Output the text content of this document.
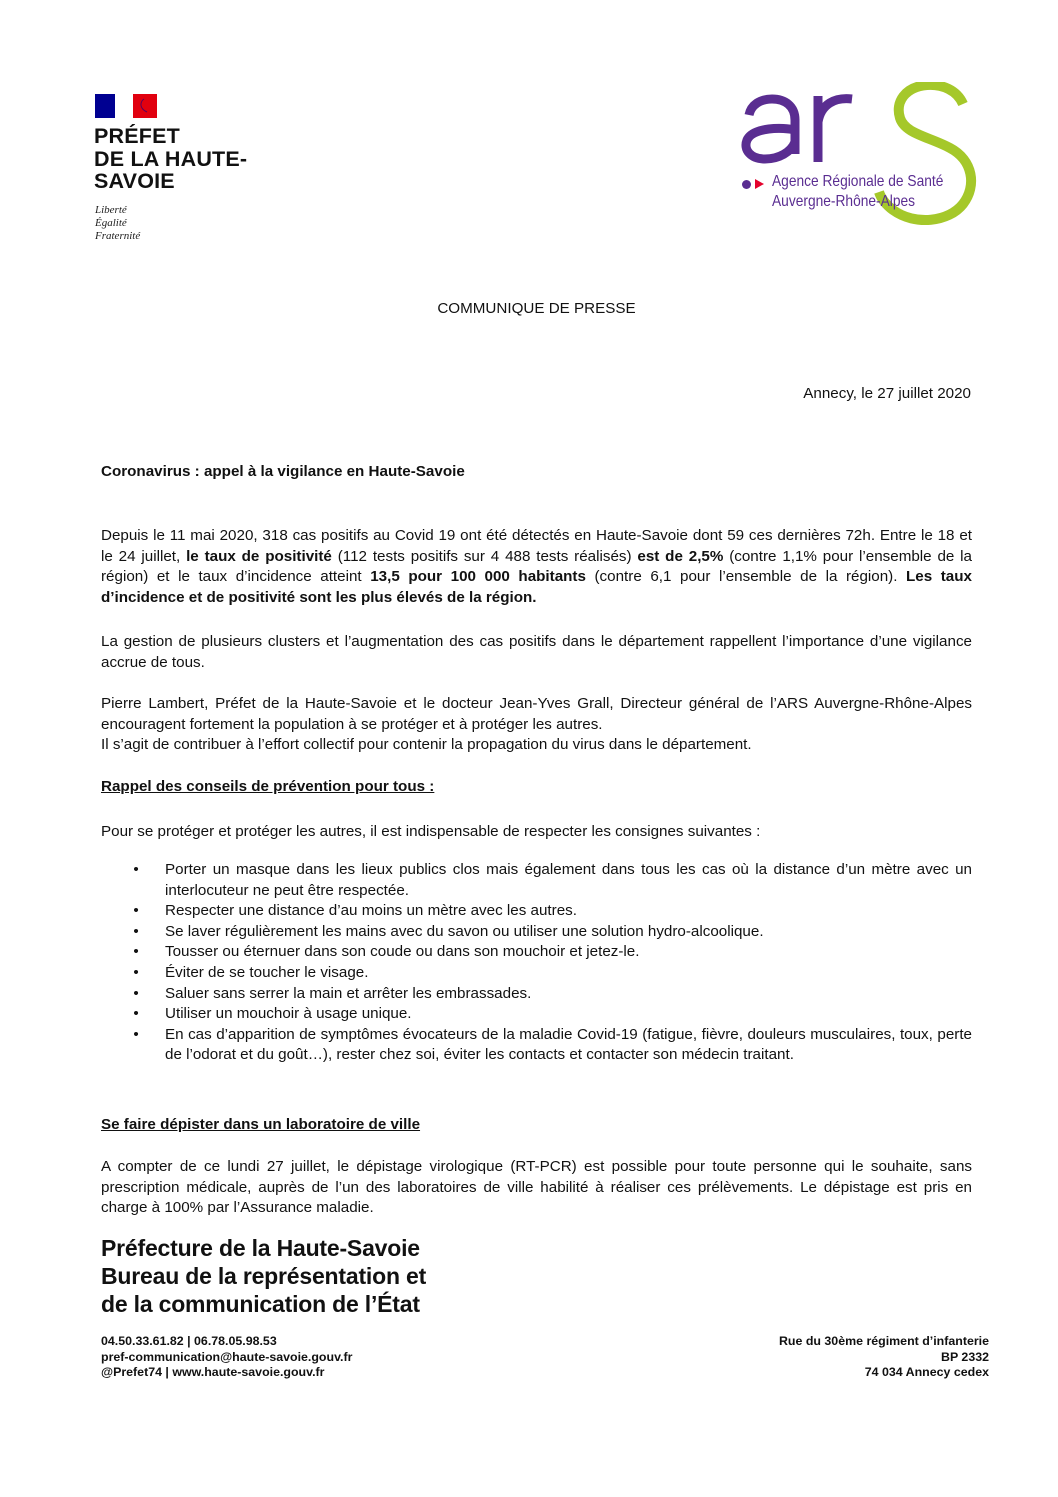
PRÉFET
DE LA HAUTE-
SAVOIE
Liberté
Égalité
Fraternité
Agence Régionale de Santé
Auvergne-Rhône-Alpes
COMMUNIQUE DE PRESSE
Annecy, le 27 juillet 2020
Coronavirus : appel à la vigilance en Haute-Savoie
Depuis le 11 mai 2020, 318 cas positifs au Covid 19 ont été détectés en Haute-Savoie dont 59 ces dernières 72h. Entre le 18 et le 24 juillet, le taux de positivité (112 tests positifs sur 4 488 tests réalisés) est de 2,5% (contre 1,1% pour l’ensemble de la région) et le taux d’incidence atteint 13,5 pour 100 000 habitants (contre 6,1 pour l’ensemble de la région). Les taux d’incidence et de positivité sont les plus élevés de la région.
La gestion de plusieurs clusters et l’augmentation des cas positifs dans le département rappellent l’importance d’une vigilance accrue de tous.
Pierre Lambert, Préfet de la Haute-Savoie et le docteur Jean-Yves Grall, Directeur général de l’ARS Auvergne-Rhône-Alpes encouragent fortement la population à se protéger et à protéger les autres.
Il s’agit de contribuer à l’effort collectif pour contenir la propagation du virus dans le département.
Rappel des conseils de prévention pour tous :
Pour se protéger et protéger les autres, il est indispensable de respecter les consignes suivantes :
• Porter un masque dans les lieux publics clos mais également dans tous les cas où la distance d’un mètre avec un interlocuteur ne peut être respectée.
• Respecter une distance d’au moins un mètre avec les autres.
• Se laver régulièrement les mains avec du savon ou utiliser une solution hydro-alcoolique.
• Tousser ou éternuer dans son coude ou dans son mouchoir et jetez-le.
• Éviter de se toucher le visage.
• Saluer sans serrer la main et arrêter les embrassades.
• Utiliser un mouchoir à usage unique.
• En cas d’apparition de symptômes évocateurs de la maladie Covid-19 (fatigue, fièvre, douleurs musculaires, toux, perte de l’odorat et du goût…), rester chez soi, éviter les contacts et contacter son médecin traitant.
Se faire dépister dans un laboratoire de ville
A compter de ce lundi 27 juillet, le dépistage virologique (RT-PCR) est possible pour toute personne qui le souhaite, sans prescription médicale, auprès de l’un des laboratoires de ville habilité à réaliser ces prélèvements. Le dépistage est pris en charge à 100% par l’Assurance maladie.
Préfecture de la Haute-Savoie
Bureau de la représentation et
de la communication de l’État
04.50.33.61.82 | 06.78.05.98.53
pref-communication@haute-savoie.gouv.fr
@Prefet74 | www.haute-savoie.gouv.fr
Rue du 30ème régiment d’infanterie
BP 2332
74 034 Annecy cedex
